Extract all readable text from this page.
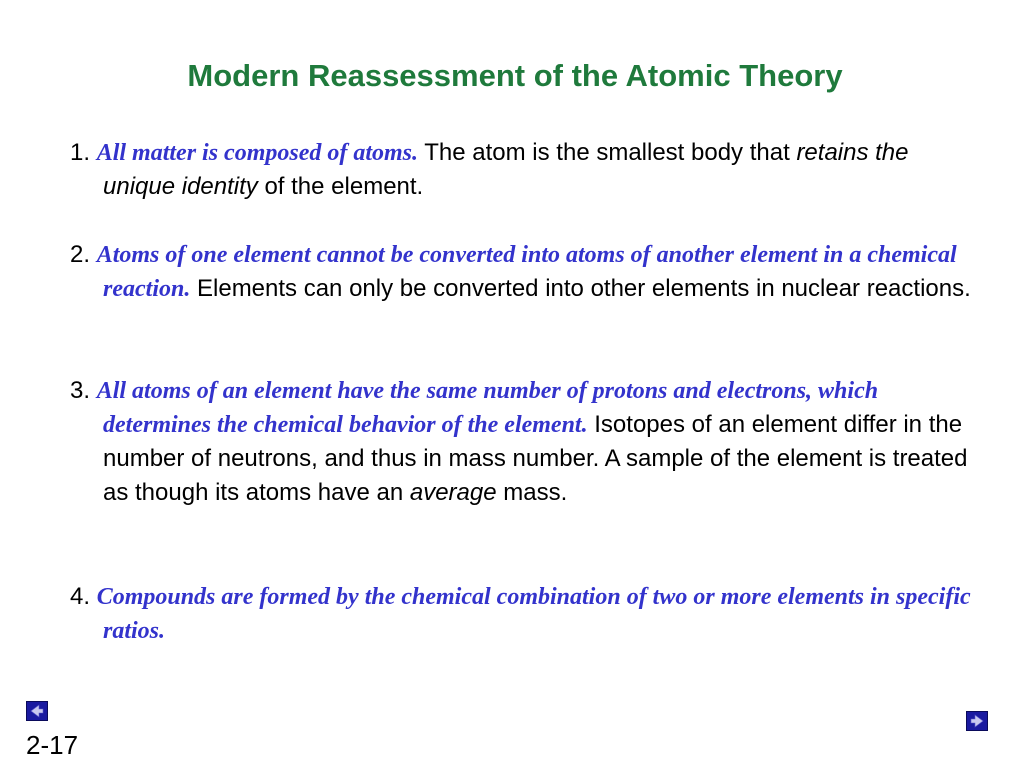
Modern Reassessment of the Atomic Theory
1. All matter is composed of atoms. The atom is the smallest body that retains the unique identity of the element.
2. Atoms of one element cannot be converted into atoms of another element in a chemical reaction. Elements can only be converted into other elements in nuclear reactions.
3. All atoms of an element have the same number of protons and electrons, which determines the chemical behavior of the element. Isotopes of an element differ in the number of neutrons, and thus in mass number. A sample of the element is treated as though its atoms have an average mass.
4. Compounds are formed by the chemical combination of two or more elements in specific ratios.
2-17
